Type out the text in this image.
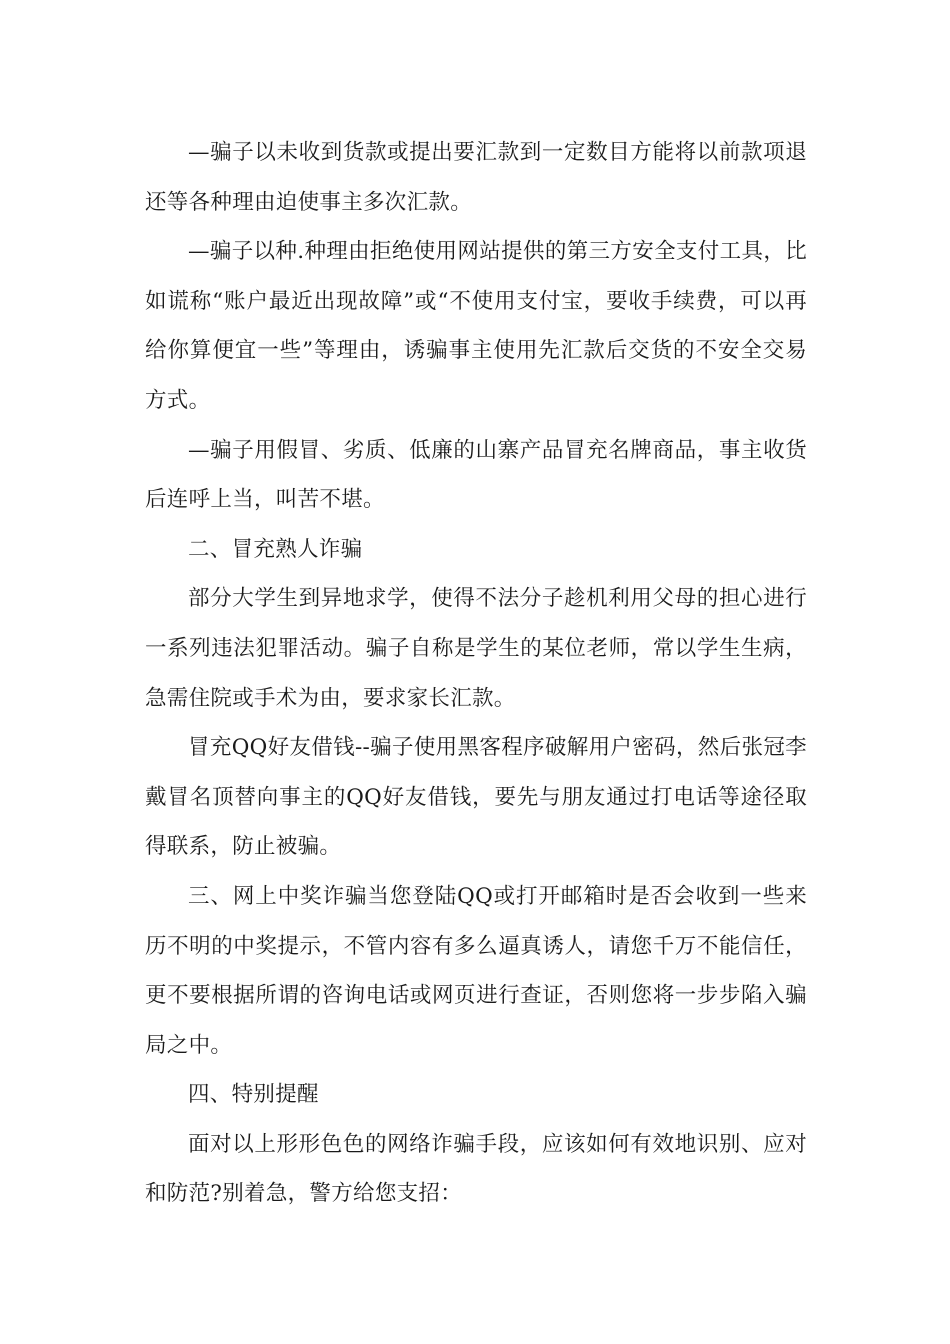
—骗子以未收到货款或提出要汇款到一定数目方能将以前款项退还等各种理由迫使事主多次汇款。

—骗子以种.种理由拒绝使用网站提供的第三方安全支付工具，比如谎称“账户最近出现故障”或“不使用支付宝，要收手续费，可以再给你算便宜一些”等理由，诱骗事主使用先汇款后交货的不安全交易方式。

—骗子用假冒、劣质、低廉的山寨产品冒充名牌商品，事主收货后连呼上当，叫苦不堪。

二、冒充熟人诈骗

部分大学生到异地求学，使得不法分子趁机利用父母的担心进行一系列违法犯罪活动。骗子自称是学生的某位老师，常以学生生病，急需住院或手术为由，要求家长汇款。

冒充QQ好友借钱--骗子使用黑客程序破解用户密码，然后张冠李戴冒名顶替向事主的QQ好友借钱，要先与朋友通过打电话等途径取得联系，防止被骗。

三、网上中奖诈骗当您登陆QQ或打开邮箱时是否会收到一些来历不明的中奖提示，不管内容有多么逼真诱人，请您千万不能信任，更不要根据所谓的咨询电话或网页进行查证，否则您将一步步陷入骗局之中。

四、特别提醒

面对以上形形色色的网络诈骗手段，应该如何有效地识别、应对和防范?别着急，警方给您支招：
